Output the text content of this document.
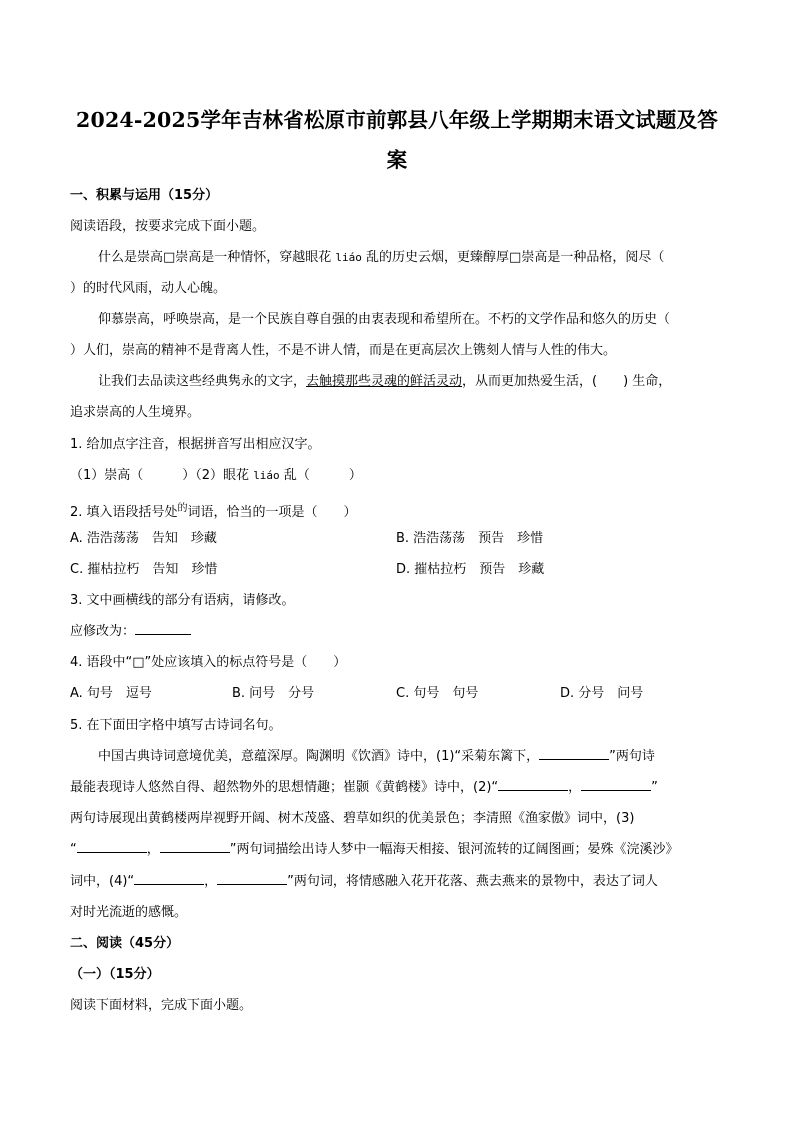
2024-2025学年吉林省松原市前郭县八年级上学期期末语文试题及答
案
一、积累与运用（15分）
阅读语段，按要求完成下面小题。
什么是崇高□崇高是一种情怀，穿越眼花 liáo 乱的历史云烟，更臻醇厚□崇高是一种品格，阅尽（
）的时代风雨，动人心魄。
仰慕崇高，呼唤崇高，是一个民族自尊自强的由衷表现和希望所在。不朽的文学作品和悠久的历史（
）人们，崇高的精神不是背离人性，不是不讲人情，而是在更高层次上镌刻人情与人性的伟大。
让我们去品读这些经典隽永的文字，去触摸那些灵魂的鲜活灵动，从而更加热爱生活，(　　) 生命，
追求崇高的人生境界。
1. 给加点字注音，根据拼音写出相应汉字。
（1）崇高（　　　）（2）眼花 liáo 乱（　　　）
2. 填入语段括号处$^的$词语，恰当的一项是（　　）
A. 浩浩荡荡　告知　珍藏	B. 浩浩荡荡　预告　珍惜
C. 摧枯拉朽　告知　珍惜	D. 摧枯拉朽　预告　珍藏
3. 文中画横线的部分有语病，请修改。
应修改为：
4. 语段中“□”处应该填入的标点符号是（　　）
A. 句号　逗号	B. 问号　分号	C. 句号　句号	D. 分号　问号
5. 在下面田字格中填写古诗词名句。
中国古典诗词意境优美，意蕴深厚。陶渊明《饮酒》诗中，(1)“采菊东篱下，	”两句诗
最能表现诗人悠然自得、超然物外的思想情趣；崔颢《黄鹤楼》诗中，(2)“	，	”
两句诗展现出黄鹤楼两岸视野开阔、树木茂盛、碧草如织的优美景色；李清照《渔家傲》词中，(3)
“	，	”两句词描绘出诗人梦中一幅海天相接、银河流转的辽阔图画；晏殊《浣溪沙》
词中，(4)“	，	”两句词，将情感融入花开花落、燕去燕来的景物中，表达了词人
对时光流逝的感慨。
二、阅读（45分）
（一）（15分）
阅读下面材料，完成下面小题。
